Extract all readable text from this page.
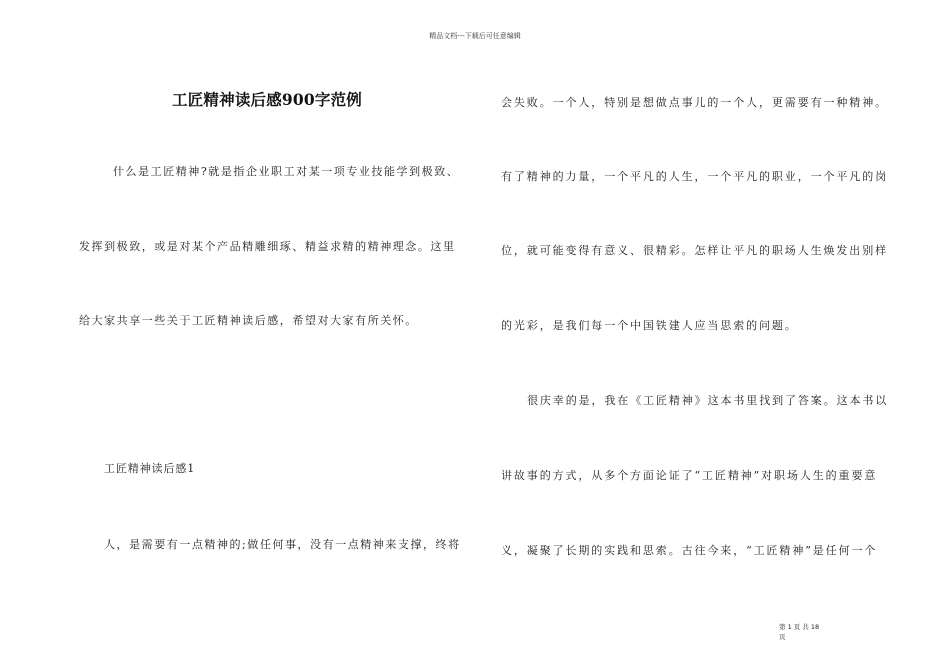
精品文档---下载后可任意编辑
工匠精神读后感900字范例
什么是工匠精神?就是指企业职工对某一项专业技能学到极致、
发挥到极致，或是对某个产品精雕细琢、精益求精的精神理念。这里
给大家共享一些关于工匠精神读后感，希望对大家有所关怀。
工匠精神读后感1
人，是需要有一点精神的;做任何事，没有一点精神来支撑，终将
会失败。一个人，特别是想做点事儿的一个人，更需要有一种精神。
有了精神的力量，一个平凡的人生，一个平凡的职业，一个平凡的岗
位，就可能变得有意义、很精彩。怎样让平凡的职场人生焕发出别样
的光彩，是我们每一个中国铁建人应当思索的问题。
很庆幸的是，我在《工匠精神》这本书里找到了答案。这本书以
讲故事的方式，从多个方面论证了“工匠精神”对职场人生的重要意
义，凝聚了长期的实践和思索。古往今来，“工匠精神”是任何一个
第 1 页 共 18
页
